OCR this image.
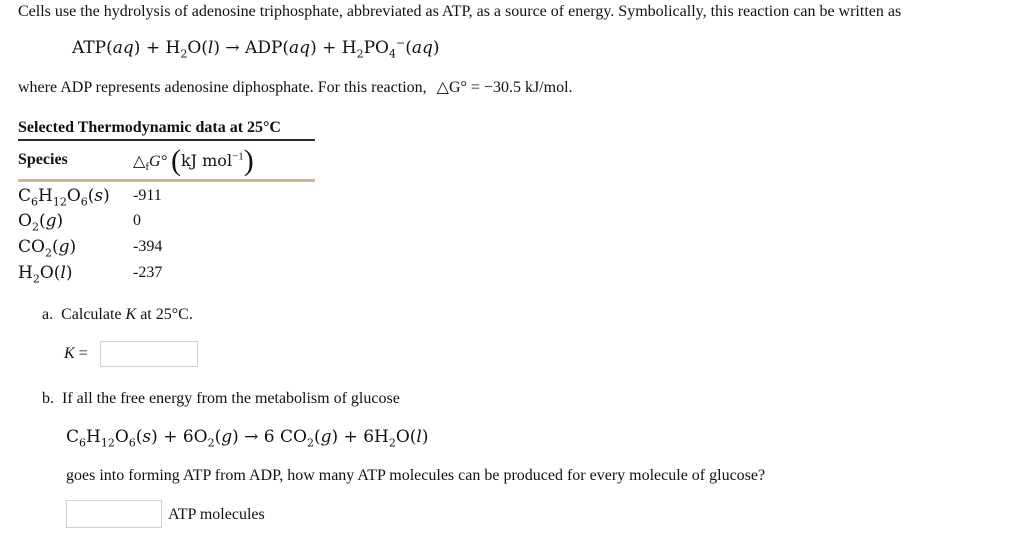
Cells use the hydrolysis of adenosine triphosphate, abbreviated as ATP, as a source of energy. Symbolically, this reaction can be written as
$ATP(aq) + H_2O(l) \to ADP(aq) + H_2PO_4^-(aq)$
where ADP represents adenosine diphosphate. For this reaction, △G° = −30.5 kJ/mol.
Selected Thermodynamic data at 25°C
Species	$\triangle_fG^\circ$ (kJ mol$^{-1}$)
$C_6H_{12}O_6(s)$ -911
$O_2(g)$	0
$CO_2(g)$	-394
$H_2O(l)$	-237
a. Calculate K at 25°C.
K =
b. If all the free energy from the metabolism of glucose
$C_6H_{12}O_6(s) + 6O_2(g) \to 6$ $CO_2(g) + 6H_2O(l)$
goes into forming ATP from ADP, how many ATP molecules can be produced for every molecule of glucose?
ATP molecules
